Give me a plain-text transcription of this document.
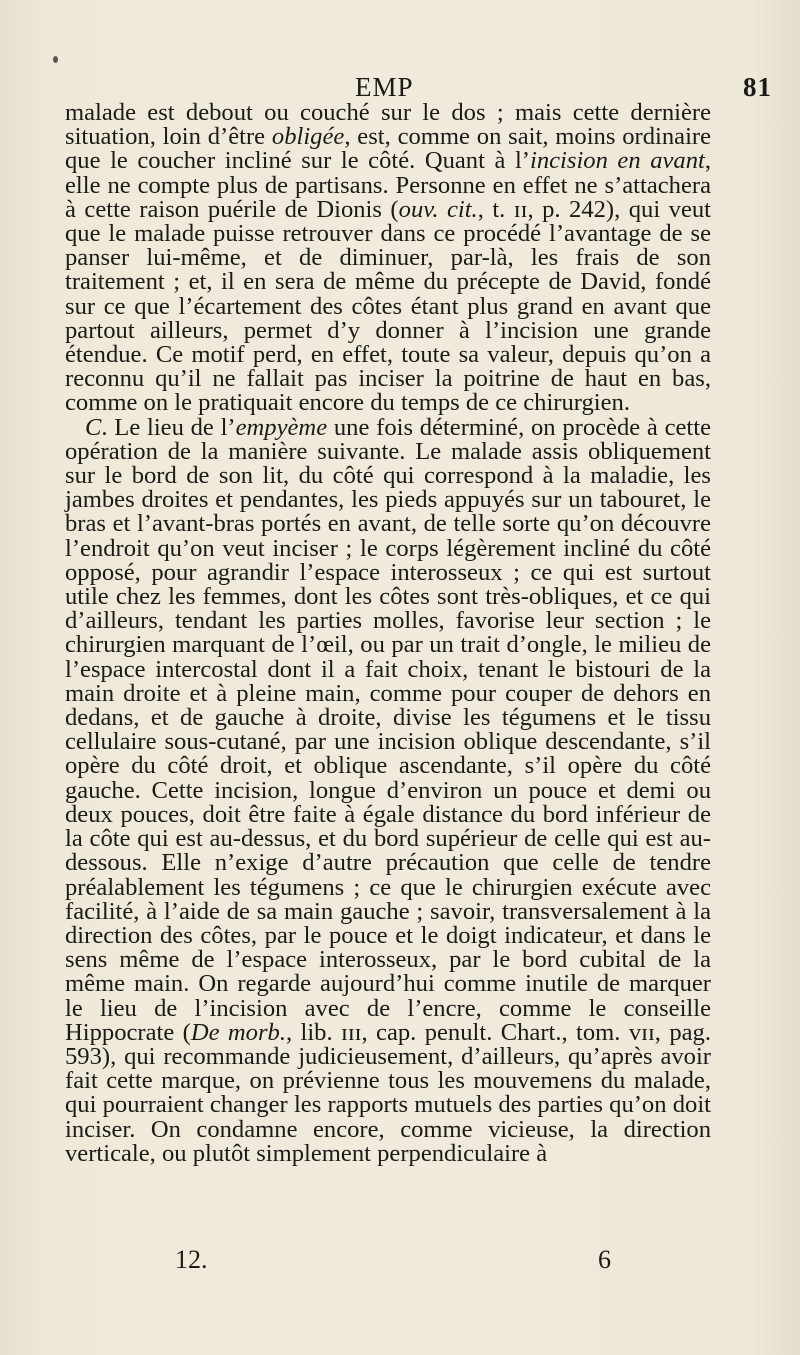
EMP	81

malade est debout ou couché sur le dos ; mais cette dernière situation, loin d’être obligée, est, comme on sait, moins ordinaire que le coucher incliné sur le côté. Quant à l’incision en avant, elle ne compte plus de partisans. Personne en effet ne s’attachera à cette raison puérile de Dionis (ouv. cit., t. ɪɪ, p. 242), qui veut que le malade puisse retrouver dans ce procédé l’avantage de se panser lui-même, et de diminuer, par-là, les frais de son traitement ; et, il en sera de même du précepte de David, fondé sur ce que l’écartement des côtes étant plus grand en avant que partout ailleurs, permet d’y donner à l’incision une grande étendue. Ce motif perd, en effet, toute sa valeur, depuis qu’on a reconnu qu’il ne fallait pas inciser la poitrine de haut en bas, comme on le pratiquait encore du temps de ce chirurgien.

C. Le lieu de l’empyème une fois déterminé, on procède à cette opération de la manière suivante. Le malade assis obliquement sur le bord de son lit, du côté qui correspond à la maladie, les jambes droites et pendantes, les pieds appuyés sur un tabouret, le bras et l’avant-bras portés en avant, de telle sorte qu’on découvre l’endroit qu’on veut inciser ; le corps légèrement incliné du côté opposé, pour agrandir l’espace interosseux ; ce qui est surtout utile chez les femmes, dont les côtes sont très-obliques, et ce qui d’ailleurs, tendant les parties molles, favorise leur section ; le chirurgien marquant de l’œil, ou par un trait d’ongle, le milieu de l’espace intercostal dont il a fait choix, tenant le bistouri de la main droite et à pleine main, comme pour couper de dehors en dedans, et de gauche à droite, divise les tégumens et le tissu cellulaire sous-cutané, par une incision oblique descendante, s’il opère du côté droit, et oblique ascendante, s’il opère du côté gauche. Cette incision, longue d’environ un pouce et demi ou deux pouces, doit être faite à égale distance du bord inférieur de la côte qui est au-dessus, et du bord supérieur de celle qui est au-dessous. Elle n’exige d’autre précaution que celle de tendre préalablement les tégumens ; ce que le chirurgien exécute avec facilité, à l’aide de sa main gauche ; savoir, transversalement à la direction des côtes, par le pouce et le doigt indicateur, et dans le sens même de l’espace interosseux, par le bord cubital de la même main. On regarde aujourd’hui comme inutile de marquer le lieu de l’incision avec de l’encre, comme le conseille Hippocrate (De morb., lib. ɪɪɪ, cap. penult. Chart., tom. ᴠɪɪ, pag. 593), qui recommande judicieusement, d’ailleurs, qu’après avoir fait cette marque, on prévienne tous les mouvemens du malade, qui pourraient changer les rapports mutuels des parties qu’on doit inciser. On condamne encore, comme vicieuse, la direction verticale, ou plutôt simplement perpendiculaire à

12.	6
